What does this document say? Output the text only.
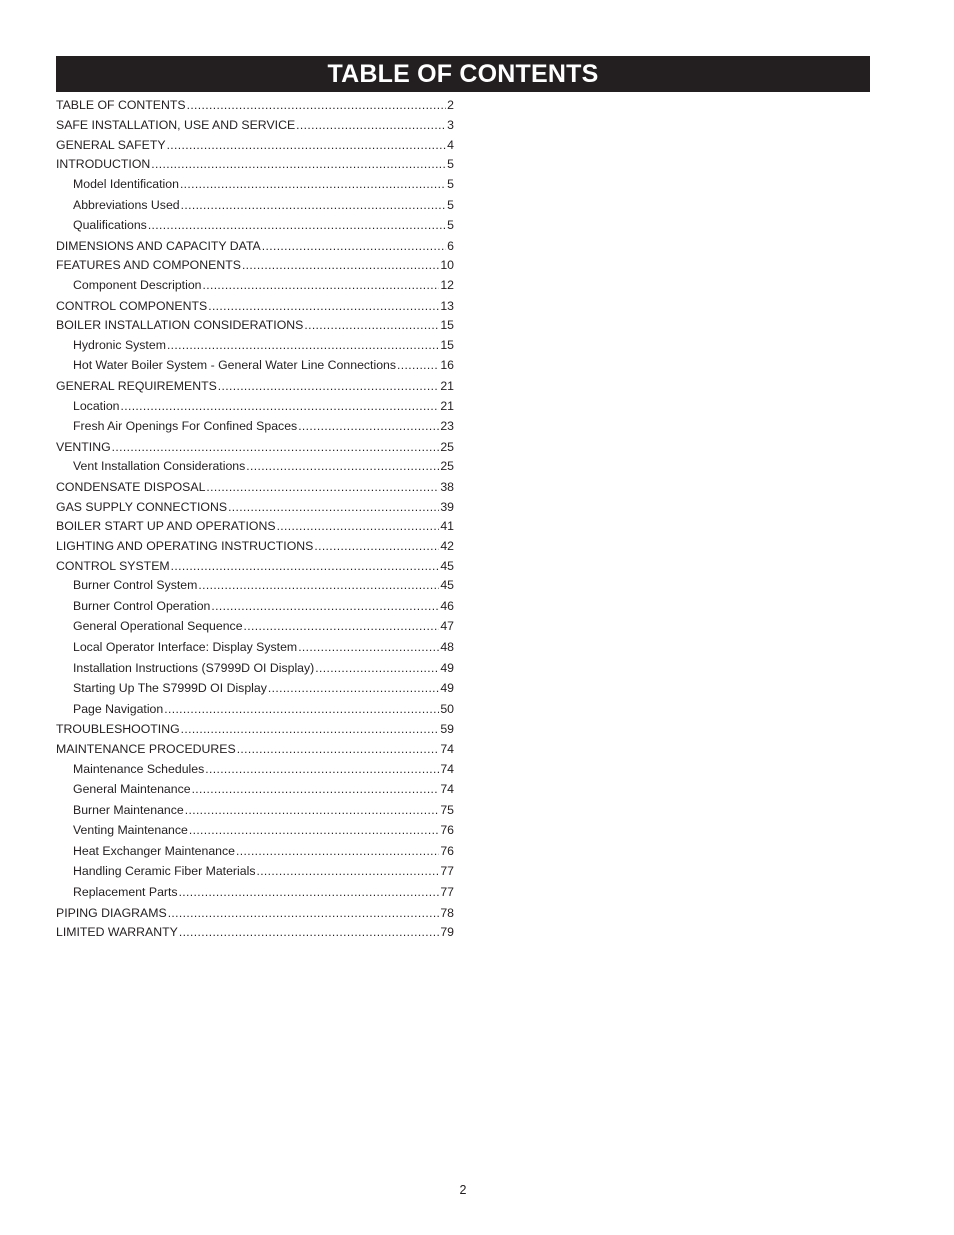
TABLE OF CONTENTS
TABLE OF CONTENTS .....	2
SAFE INSTALLATION, USE AND SERVICE .....	3
GENERAL SAFETY .....	4
INTRODUCTION .....	5
Model Identification .....	5
Abbreviations Used .....	5
Qualifications .....	5
DIMENSIONS AND CAPACITY DATA .....	6
FEATURES AND COMPONENTS .....	10
Component Description .....	12
CONTROL COMPONENTS .....	13
BOILER INSTALLATION CONSIDERATIONS .....	15
Hydronic System .....	15
Hot Water Boiler System - General Water Line Connections .....	16
GENERAL REQUIREMENTS .....	21
Location .....	21
Fresh Air Openings For Confined Spaces .....	23
VENTING .....	25
Vent Installation Considerations .....	25
CONDENSATE DISPOSAL .....	38
GAS SUPPLY CONNECTIONS .....	39
BOILER START UP AND OPERATIONS .....	41
LIGHTING AND OPERATING INSTRUCTIONS .....	42
CONTROL SYSTEM .....	45
Burner Control System .....	45
Burner Control Operation .....	46
General Operational Sequence .....	47
Local Operator Interface: Display System .....	48
Installation Instructions (S7999D OI Display) .....	49
Starting Up The S7999D OI Display .....	49
Page Navigation .....	50
TROUBLESHOOTING .....	59
MAINTENANCE PROCEDURES .....	74
Maintenance Schedules .....	74
General Maintenance .....	74
Burner Maintenance .....	75
Venting Maintenance .....	76
Heat Exchanger Maintenance .....	76
Handling Ceramic Fiber Materials .....	77
Replacement Parts .....	77
PIPING DIAGRAMS .....	78
LIMITED WARRANTY .....	79
2
